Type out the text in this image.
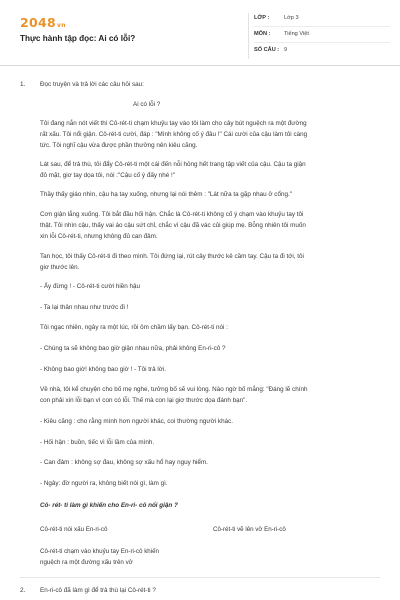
2048vn
Thực hành tập đọc: Ai có lỗi?
LỚP :	Lớp 3
MÔN : Tiếng Việt
SỐ CÂU : 9
1. Đọc truyện và trả lời các câu hỏi sau:
Ai có lỗi ?
Tôi đang nắn nót viết thì Cô-rét-ti chạm khuỷu tay vào tôi làm cho cây bút nguệch ra một đường
rất xấu. Tôi nổi giận. Cô-rét-ti cười, đáp : "Mình không cố ý đâu !" Cái cười của cậu làm tôi càng
tức. Tôi nghĩ cậu vừa được phần thưởng nên kiêu căng.
Lát sau, để trả thù, tôi đẩy Cô-rét-ti một cái đến nỗi hỏng hết trang tập viết của cậu. Cậu ta giận
đỏ mặt, giơ tay dọa tôi, nói :"Cậu cố ý đấy nhé !"
Thầy thấy giáo nhìn, cậu hạ tay xuống, nhưng lại nói thêm : "Lát nữa ta gặp nhau ở cổng."
Cơn giận lắng xuống. Tôi bắt đầu hối hận. Chắc là Cô-rét-ti không cố ý chạm vào khuỷu tay tôi
thật. Tôi nhìn cậu, thấy vai áo cậu sứt chỉ, chắc vì cậu đã vác củi giúp mẹ. Bỗng nhiên tôi muốn
xin lỗi Cô-rét-ti, nhưng không đủ can đảm.
Tan học, tôi thấy Cô-rét-ti đi theo mình. Tôi đứng lại, rút cây thước kẻ cầm tay. Cậu ta đi tới, tôi
giơ thước lên.
- Ấy đừng ! - Cô-rét-ti cười hiền hậu
- Ta lại thân nhau như trước đi !
Tôi ngạc nhiên, ngây ra một lúc, rồi ôm chầm lấy bạn. Cô-rét-ti nói :
- Chúng ta sẽ không bao giờ giận nhau nữa, phải không En-ri-cô ?
- Không bao giờ! không bao giờ ! - Tôi trả lời.
Về nhà, tôi kể chuyện cho bố mẹ nghe, tưởng bố sẽ vui lòng. Nào ngờ bố mắng: "Đáng lẽ chính
con phải xin lỗi bạn vì con có lỗi. Thế mà con lại giơ thước dọa đánh bạn".
- Kiêu căng : cho rằng mình hơn người khác, coi thường người khác.
- Hối hận : buồn, tiếc vì lỗi lầm của mình.
- Can đảm : không sợ đau, không sợ xấu hổ hay nguy hiểm.
- Ngây: đờ người ra, không biết nói gì, làm gì.
Cô- rét- ti làm gì khiến cho En-ri- cô nổi giận ?
Cô-rét-ti nói xấu En-ri-cô	Cô-rét-ti vẽ lên vở En-ri-cô
Cô-rét-ti chạm vào khuỷu tay En-ri-cô khiến
nguệch ra một đường xấu trên vở
2. En-ri-cô đã làm gì để trả thù lại Cô-rét-ti ?
